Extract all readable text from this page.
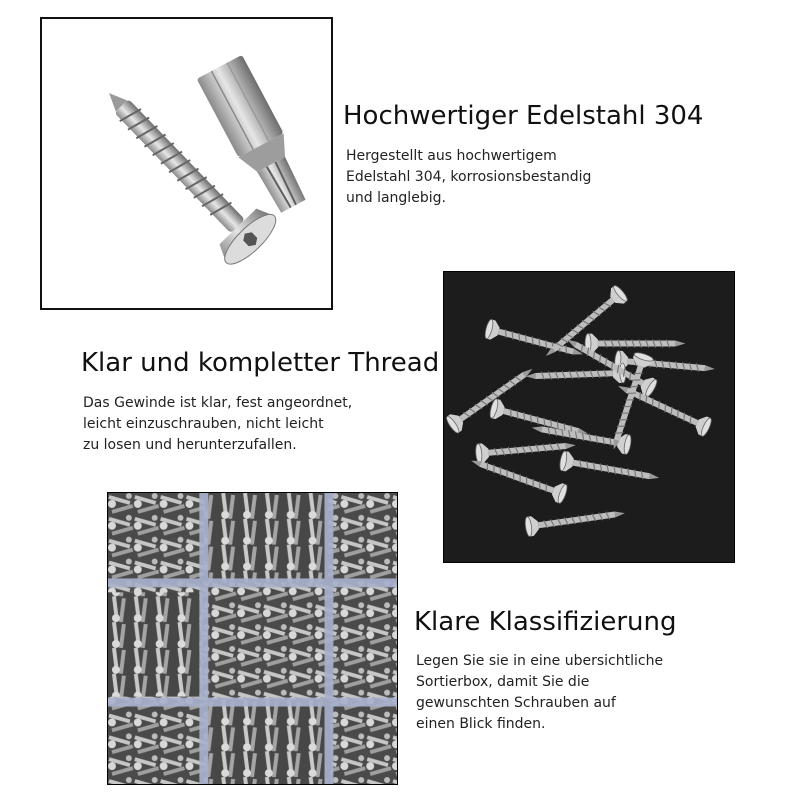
Hochwertiger Edelstahl 304

Hergestellt aus hochwertigem
Edelstahl 304, korrosionsbestandig
und langlebig.

Klar und kompletter Thread

Das Gewinde ist klar, fest angeordnet,
leicht einzuschrauben, nicht leicht
zu losen und herunterzufallen.

Klare Klassifizierung

Legen Sie sie in eine ubersichtliche
Sortierbox, damit Sie die
gewunschten Schrauben auf
einen Blick finden.
